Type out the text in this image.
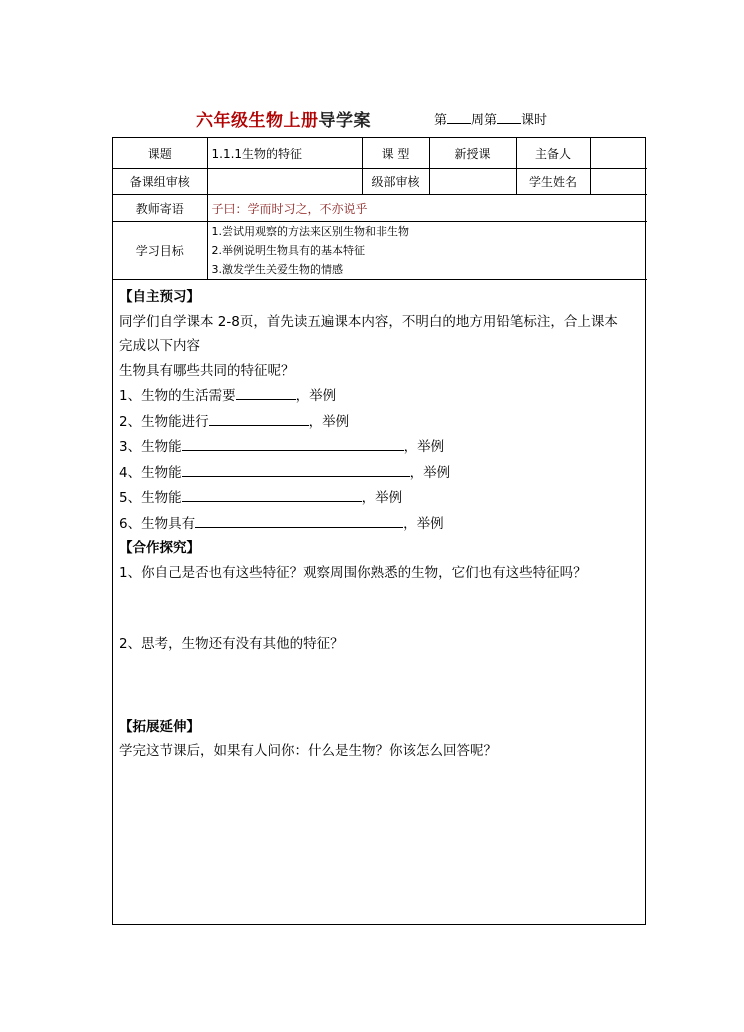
六年级生物上册导学案	第 周第 课时
课题	1.1.1生物的特征	课 型	新授课	主备人	
备课组审核		级部审核		学生姓名	
教师寄语	子曰：学而时习之，不亦说乎				
学习目标	1.尝试用观察的方法来区别生物和非生物
2.举例说明生物具有的基本特征
3.激发学生关爱生物的情感				
【自主预习】
同学们自学课本 2-8页，首先读五遍课本内容，不明白的地方用铅笔标注，合上课本
完成以下内容
生物具有哪些共同的特征呢？
1、生物的生活需要	，举例
2、生物能进行	，举例
3、生物能	，举例
4、生物能	，举例
5、生物能	，举例
6、生物具有	，举例
【合作探究】
1、你自己是否也有这些特征？观察周围你熟悉的生物，它们也有这些特征吗？
2、思考，生物还有没有其他的特征？
【拓展延伸】
学完这节课后，如果有人问你：什么是生物？你该怎么回答呢？
